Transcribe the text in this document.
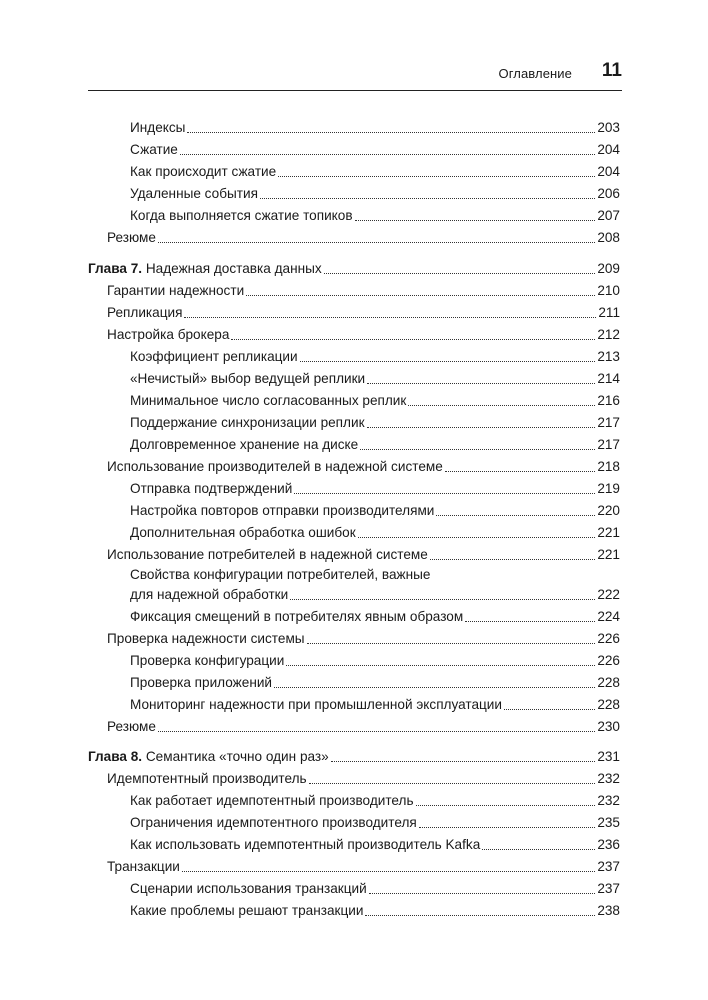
Оглавление 11
Индексы	203
Сжатие	204
Как происходит сжатие	204
Удаленные события	206
Когда выполняется сжатие топиков	207
Резюме	208
Глава 7. Надежная доставка данных	209
Гарантии надежности	210
Репликация	211
Настройка брокера	212
Коэффициент репликации	213
«Нечистый» выбор ведущей реплики	214
Минимальное число согласованных реплик	216
Поддержание синхронизации реплик	217
Долговременное хранение на диске	217
Использование производителей в надежной системе	218
Отправка подтверждений	219
Настройка повторов отправки производителями	220
Дополнительная обработка ошибок	221
Использование потребителей в надежной системе	221
Свойства конфигурации потребителей, важные
для надежной обработки	222
Фиксация смещений в потребителях явным образом	224
Проверка надежности системы	226
Проверка конфигурации	226
Проверка приложений	228
Мониторинг надежности при промышленной эксплуатации	228
Резюме	230
Глава 8. Семантика «точно один раз»	231
Идемпотентный производитель	232
Как работает идемпотентный производитель	232
Ограничения идемпотентного производителя	235
Как использовать идемпотентный производитель Kafka	236
Транзакции	237
Сценарии использования транзакций	237
Какие проблемы решают транзакции	238
